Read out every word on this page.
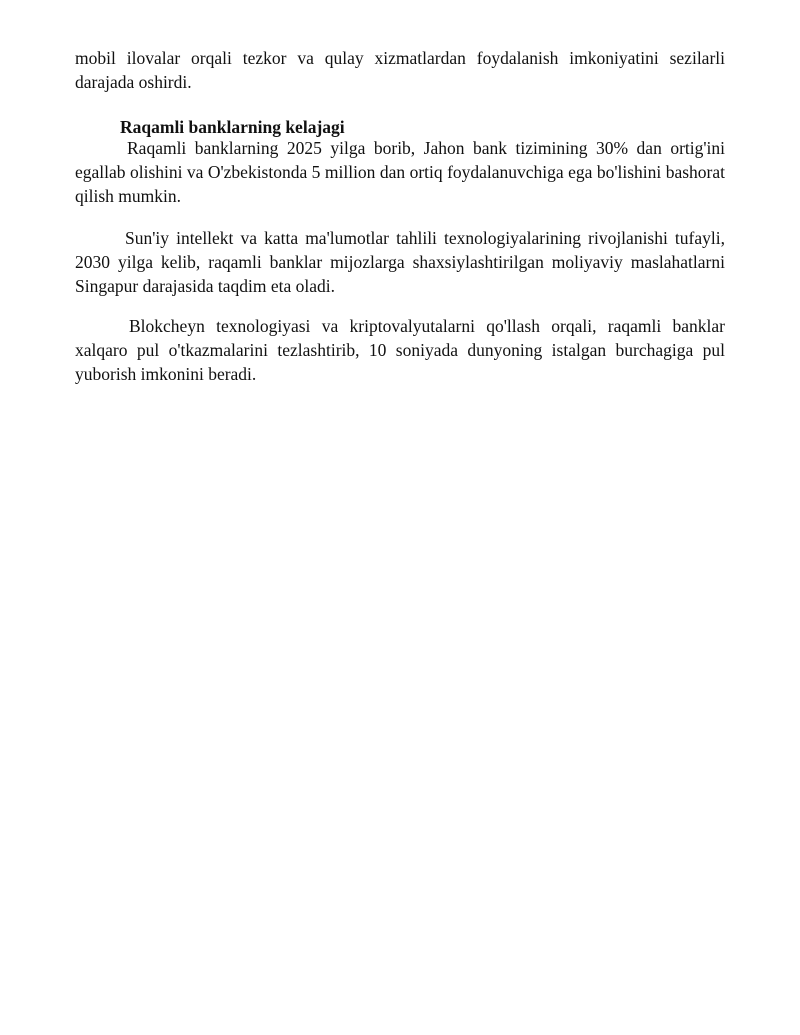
mobil ilovalar orqali tezkor va qulay xizmatlardan foydalanish imkoniyatini sezilarli darajada oshirdi.

Raqamli banklarning kelajagi

Raqamli banklarning 2025 yilga borib, Jahon bank tizimining 30% dan ortig'ini egallab olishini va O'zbekistonda 5 million dan ortiq foydalanuvchiga ega bo'lishini bashorat qilish mumkin.

Sun'iy intellekt va katta ma'lumotlar tahlili texnologiyalarining rivojlanishi tufayli, 2030 yilga kelib, raqamli banklar mijozlarga shaxsiylashtirilgan moliyaviy maslahatlarni Singapur darajasida taqdim eta oladi.

Blokcheyn texnologiyasi va kriptovalyutalarni qo'llash orqali, raqamli banklar xalqaro pul o'tkazmalarini tezlashtirib, 10 soniyada dunyoning istalgan burchagiga pul yuborish imkonini beradi.
